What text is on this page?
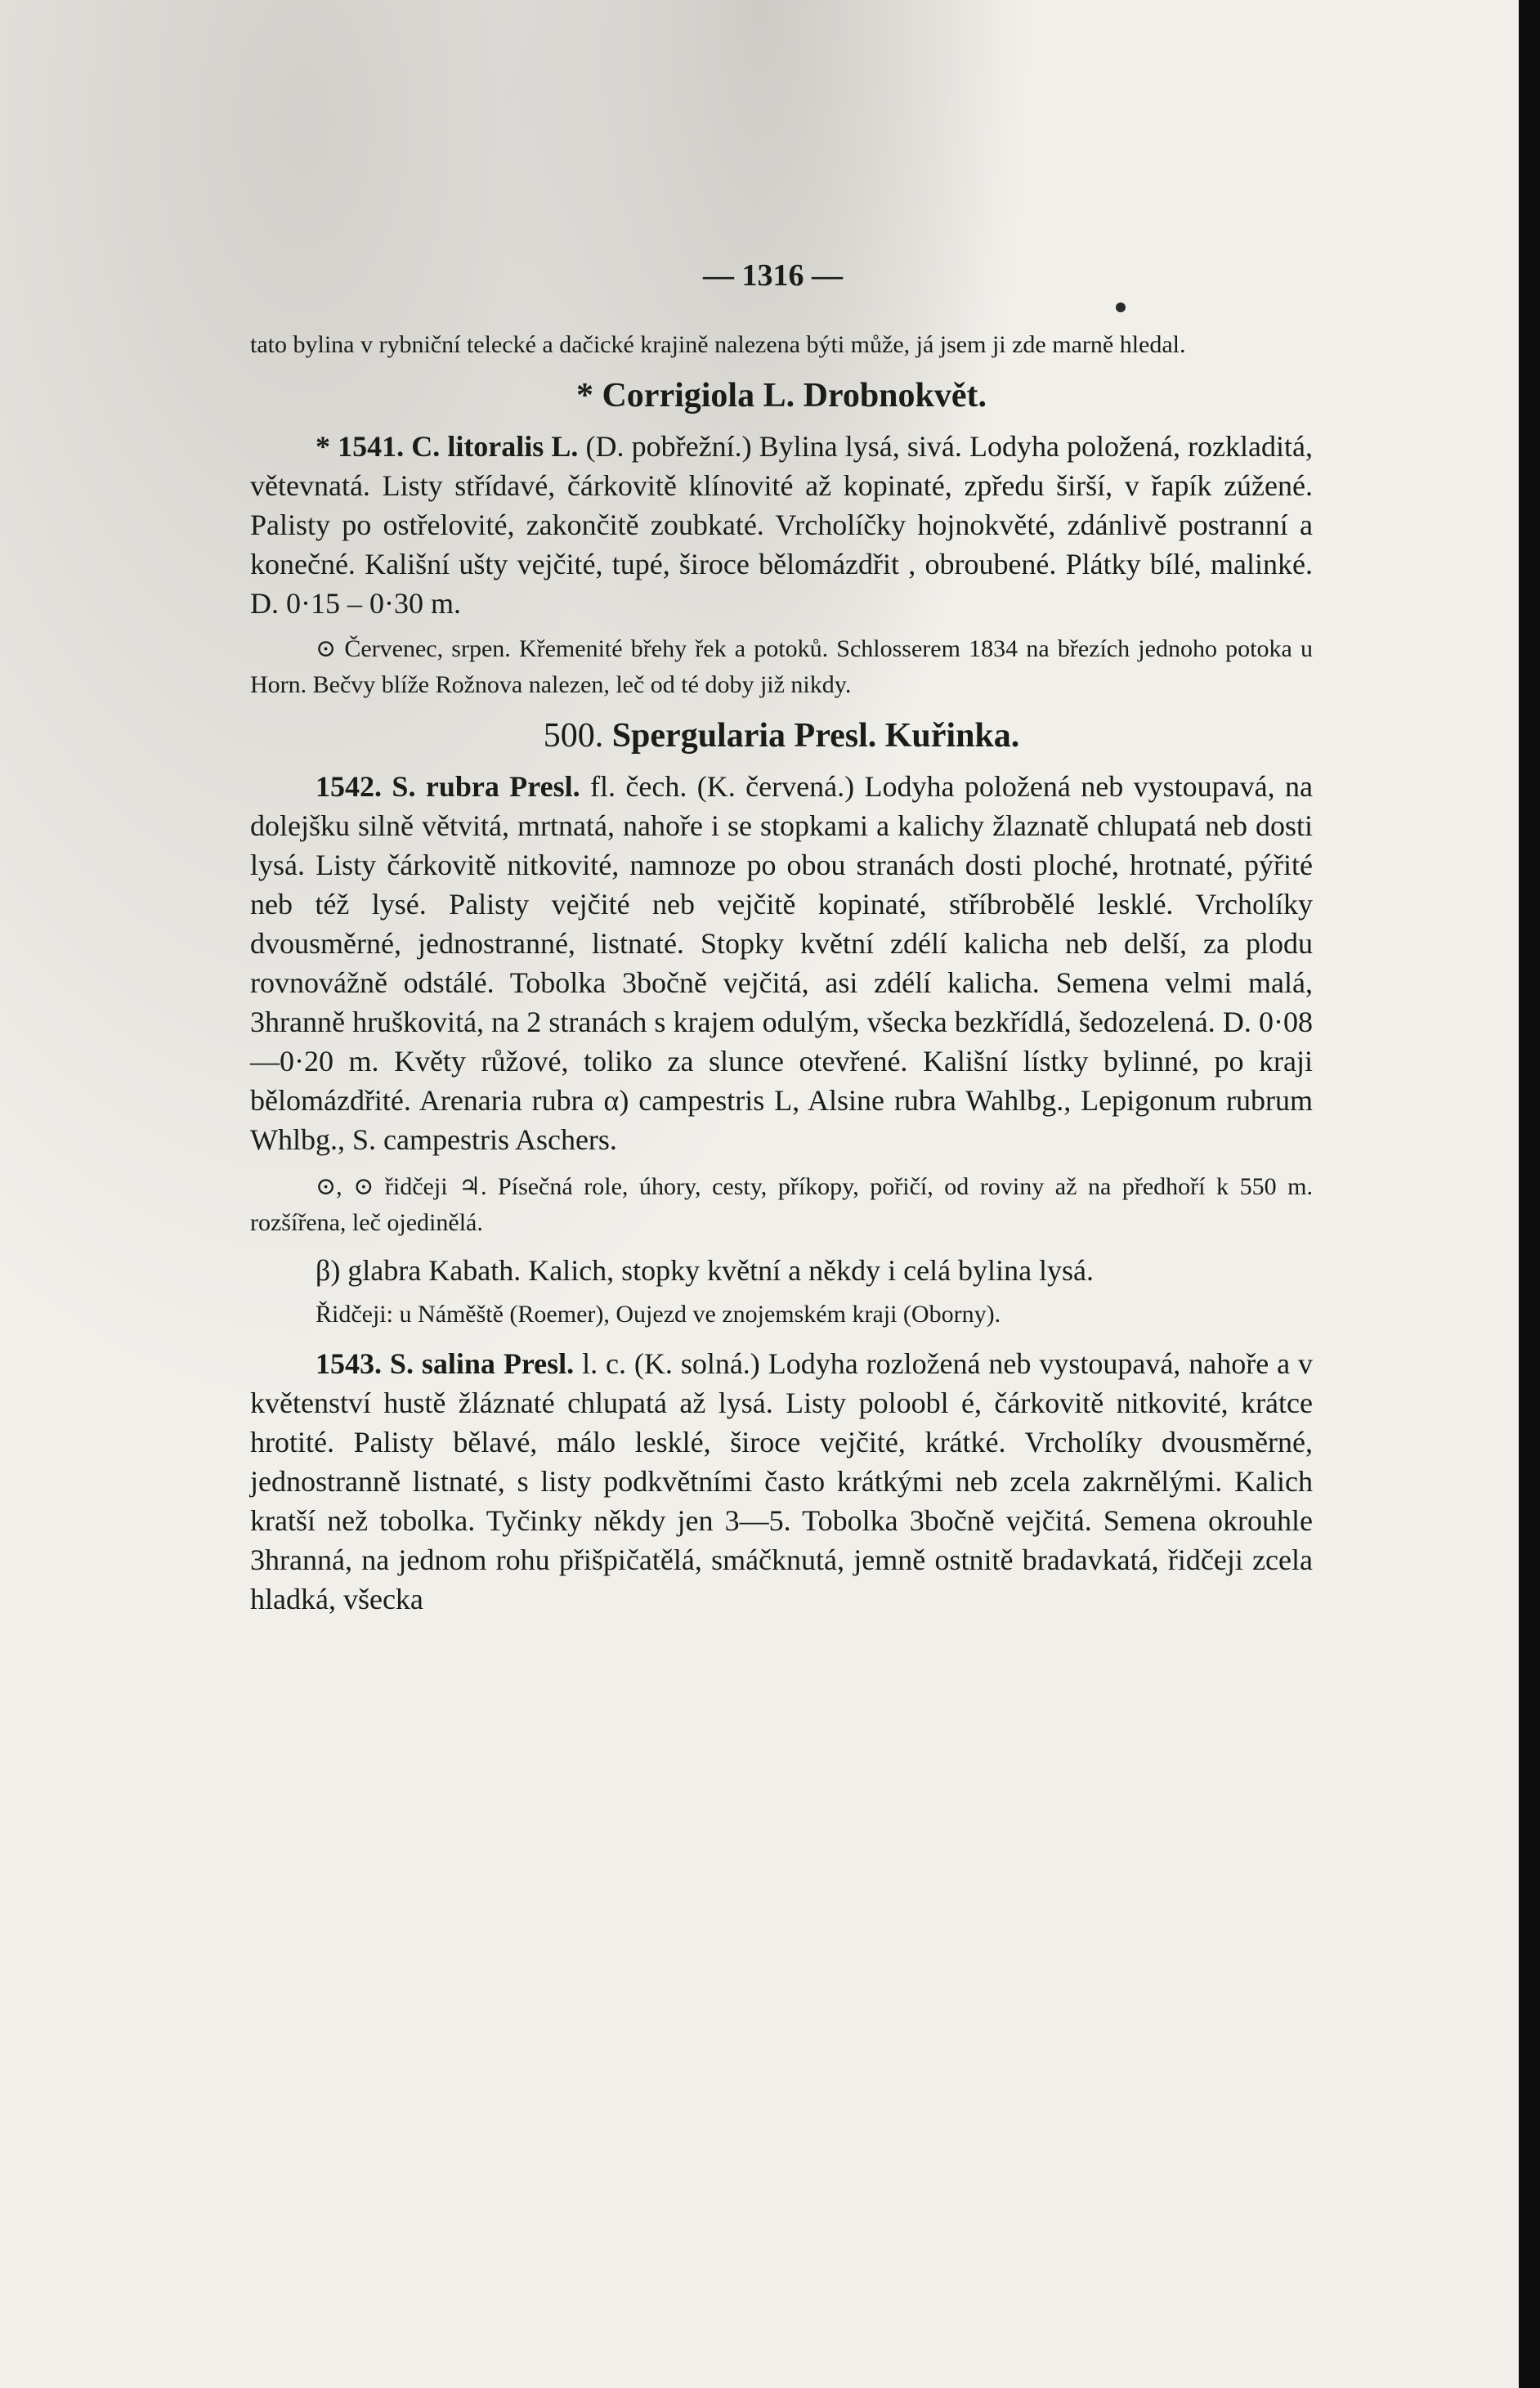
— 1316 —

tato bylina v rybniční telecké a dačické krajině nalezena býti může, já jsem ji zde marně hledal.

* Corrigiola L. Drobnokvět.

* 1541. C. litoralis L. (D. pobřežní.) Bylina lysá, sivá. Lodyha položená, rozkladitá, větevnatá. Listy střídavé, čárkovitě klínovité až kopinaté, zpředu širší, v řapík zúžené. Palisty po ostřelovité, zakončitě zoubkaté. Vrcholíčky hojnokvěté, zdánlivě postranní a konečné. Kališní ušty vejčité, tupé, široce bělomázdřit , obroubené. Plátky bílé, malinké. D. 0·15 – 0·30 m.

⊙ Červenec, srpen. Křemenité břehy řek a potoků. Schlosserem 1834 na březích jednoho potoka u Horn. Bečvy blíže Rožnova nalezen, leč od té doby již nikdy.

500. Spergularia Presl. Kuřinka.

1542. S. rubra Presl. fl. čech. (K. červená.) Lodyha položená neb vystoupavá, na dolejšku silně větvitá, mrtnatá, nahoře i se stopkami a kalichy žlaznatě chlupatá neb dosti lysá. Listy čárkovitě nitkovité, namnoze po obou stranách dosti ploché, hrotnaté, pýřité neb též lysé. Palisty vejčité neb vejčitě kopinaté, stříbrobělé lesklé. Vrcholíky dvousměrné, jednostranné, listnaté. Stopky květní zdélí kalicha neb delší, za plodu rovnovážně odstálé. Tobolka 3bočně vejčitá, asi zdélí kalicha. Semena velmi malá, 3hranně hruškovitá, na 2 stranách s krajem odulým, všecka bezkřídlá, šedozelená. D. 0·08—0·20 m. Květy růžové, toliko za slunce otevřené. Kališní lístky bylinné, po kraji bělomázdřité. Arenaria rubra α) campestris L, Alsine rubra Wahlbg., Lepigonum rubrum Whlbg., S. campestris Aschers.

⊙, ⊙ řidčeji ♃. Písečná role, úhory, cesty, příkopy, pořičí, od roviny až na předhoří k 550 m. rozšířena, leč ojedinělá.

β) glabra Kabath. Kalich, stopky květní a někdy i celá bylina lysá.

Řidčeji: u Náměště (Roemer), Oujezd ve znojemském kraji (Oborny).

1543. S. salina Presl. l. c. (K. solná.) Lodyha rozložená neb vystoupavá, nahoře a v květenství hustě žláznaté chlupatá až lysá. Listy poloobl é, čárkovitě nitkovité, krátce hrotité. Palisty bělavé, málo lesklé, široce vejčité, krátké. Vrcholíky dvousměrné, jednostranně listnaté, s listy podkvětními často krátkými neb zcela zakrnělými. Kalich kratší než tobolka. Tyčinky někdy jen 3—5. Tobolka 3bočně vejčitá. Semena okrouhle 3hranná, na jednom rohu přišpičatělá, smáčknutá, jemně ostnitě bradavkatá, řidčeji zcela hladká, všecka
